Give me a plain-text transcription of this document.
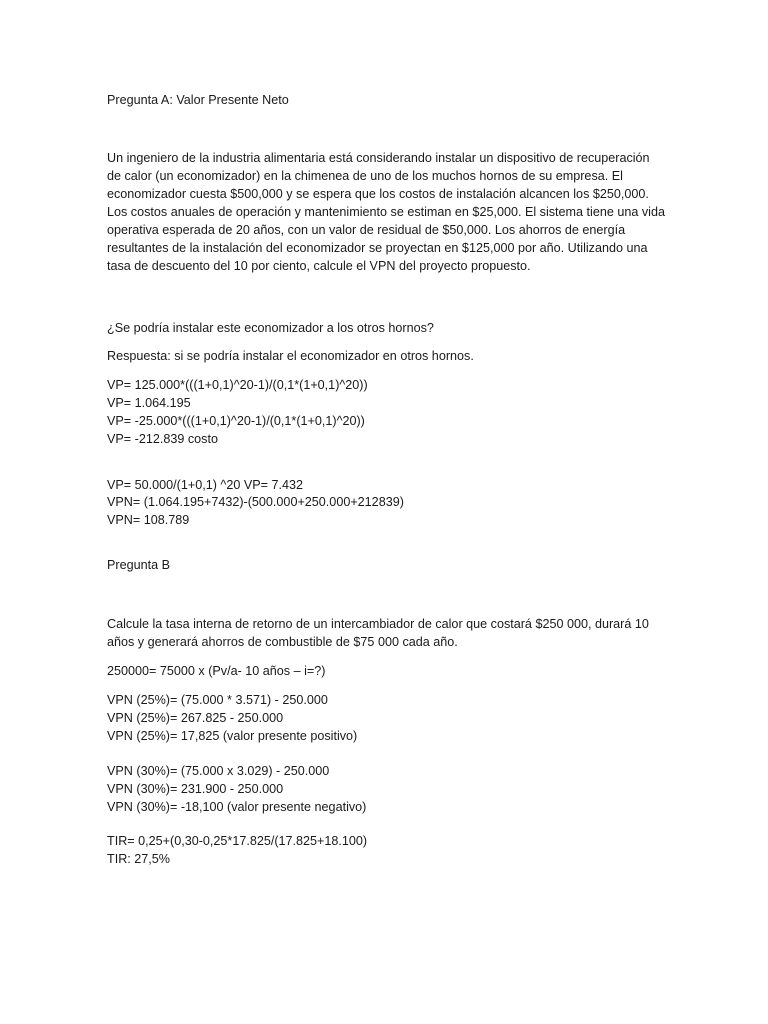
Pregunta A: Valor Presente Neto
Un ingeniero de la industria alimentaria está considerando instalar un dispositivo de recuperación
de calor (un economizador) en la chimenea de uno de los muchos hornos de su empresa. El
economizador cuesta $500,000 y se espera que los costos de instalación alcancen los $250,000.
Los costos anuales de operación y mantenimiento se estiman en $25,000. El sistema tiene una vida
operativa esperada de 20 años, con un valor de residual de $50,000. Los ahorros de energía
resultantes de la instalación del economizador se proyectan en $125,000 por año. Utilizando una
tasa de descuento del 10 por ciento, calcule el VPN del proyecto propuesto.
¿Se podría instalar este economizador a los otros hornos?
Respuesta: si se podría instalar el economizador en otros hornos.
VP= 125.000*(((1+0,1)^20-1)/(0,1*(1+0,1)^20))
VP= 1.064.195
VP= -25.000*(((1+0,1)^20-1)/(0,1*(1+0,1)^20))
VP= -212.839 costo
VP= 50.000/(1+0,1) ^20 VP= 7.432
VPN= (1.064.195+7432)-(500.000+250.000+212839)
VPN= 108.789
Pregunta B
Calcule la tasa interna de retorno de un intercambiador de calor que costará $250 000, durará 10
años y generará ahorros de combustible de $75 000 cada año.
250000= 75000 x (Pv/a- 10 años – i=?)
VPN (25%)= (75.000 * 3.571) - 250.000
VPN (25%)= 267.825 - 250.000
VPN (25%)= 17,825 (valor presente positivo)
VPN (30%)= (75.000 x 3.029) - 250.000
VPN (30%)= 231.900 - 250.000
VPN (30%)= -18,100 (valor presente negativo)
TIR= 0,25+(0,30-0,25*17.825/(17.825+18.100)
TIR: 27,5%
